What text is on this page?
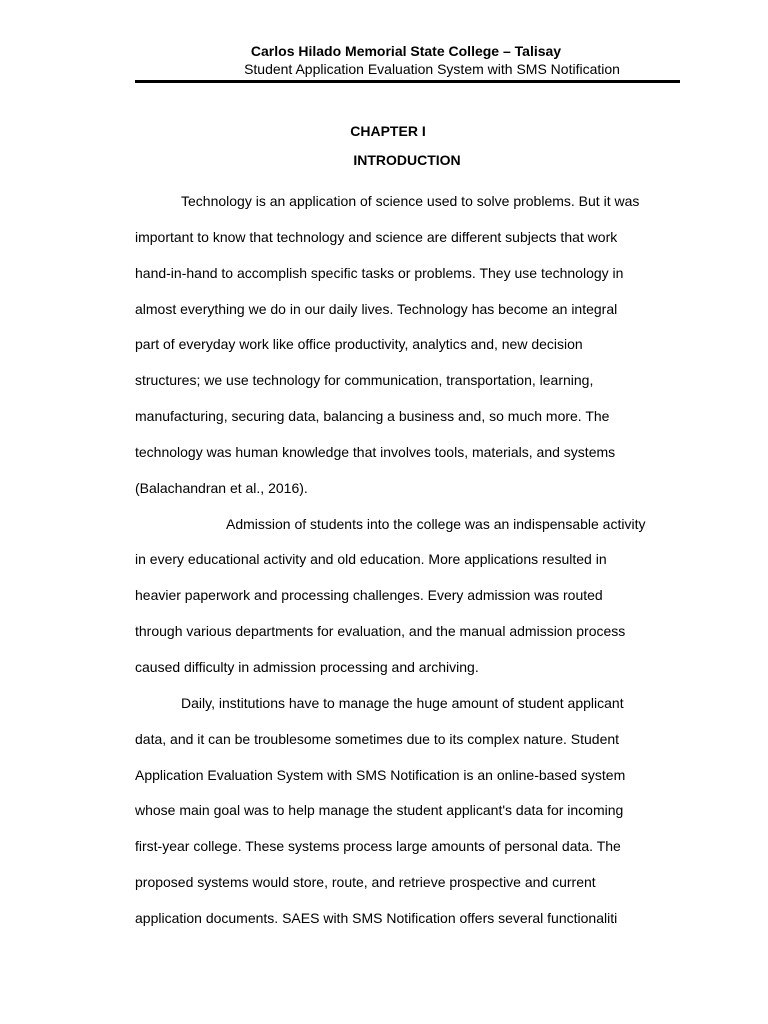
Carlos Hilado Memorial State College – Talisay
Student Application Evaluation System with SMS Notification
CHAPTER I
INTRODUCTION
Technology is an application of science used to solve problems. But it was
important to know that technology and science are different subjects that work
hand-in-hand to accomplish specific tasks or problems. They use technology in
almost everything we do in our daily lives. Technology has become an integral
part of everyday work like office productivity, analytics and, new decision
structures; we use technology for communication, transportation, learning,
manufacturing, securing data, balancing a business and, so much more. The
technology was human knowledge that involves tools, materials, and systems
(Balachandran et al., 2016).
Admission of students into the college was an indispensable activity
in every educational activity and old education. More applications resulted in
heavier paperwork and processing challenges. Every admission was routed
through various departments for evaluation, and the manual admission process
caused difficulty in admission processing and archiving.
Daily, institutions have to manage the huge amount of student applicant
data, and it can be troublesome sometimes due to its complex nature. Student
Application Evaluation System with SMS Notification is an online-based system
whose main goal was to help manage the student applicant's data for incoming
first-year college. These systems process large amounts of personal data. The
proposed systems would store, route, and retrieve prospective and current
application documents. SAES with SMS Notification offers several functionaliti
